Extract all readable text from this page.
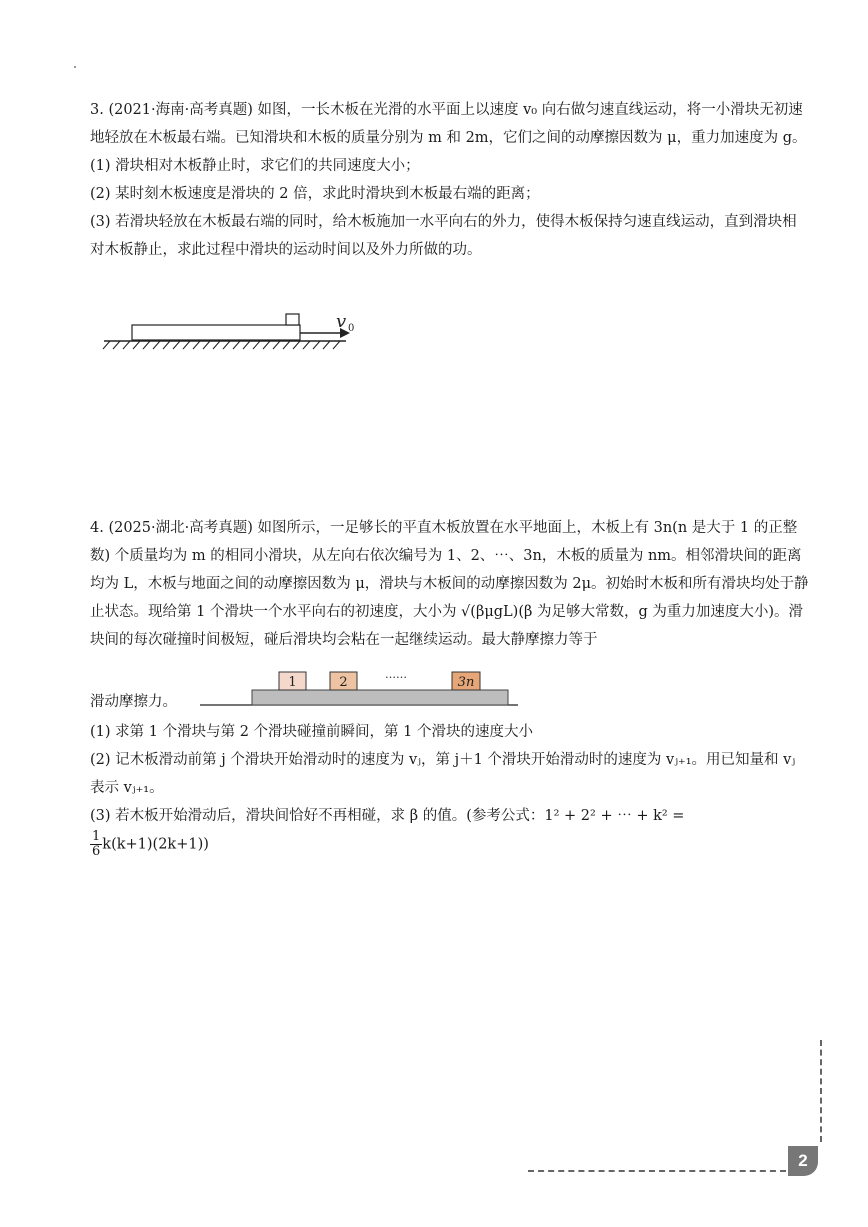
3. (2021·海南·高考真题) 如图，一长木板在光滑的水平面上以速度 v₀ 向右做匀速直线运动，将一小滑块无初速地轻放在木板最右端。已知滑块和木板的质量分别为 m 和 2m，它们之间的动摩擦因数为 μ，重力加速度为 g。

(1) 滑块相对木板静止时，求它们的共同速度大小；

(2) 某时刻木板速度是滑块的 2 倍，求此时滑块到木板最右端的距离；

(3) 若滑块轻放在木板最右端的同时，给木板施加一水平向右的外力，使得木板保持匀速直线运动，直到滑块相对木板静止，求此过程中滑块的运动时间以及外力所做的功。

v 0

4. (2025·湖北·高考真题) 如图所示，一足够长的平直木板放置在水平地面上，木板上有 3n(n 是大于 1 的正整数) 个质量均为 m 的相同小滑块，从左向右依次编号为 1、2、⋯、3n，木板的质量为 nm。相邻滑块间的距离均为 L，木板与地面之间的动摩擦因数为 μ，滑块与木板间的动摩擦因数为 2μ。初始时木板和所有滑块均处于静止状态。现给第 1 个滑块一个水平向右的初速度，大小为 √(βμgL)(β 为足够大常数，g 为重力加速度大小)。滑块间的每次碰撞时间极短，碰后滑块均会粘在一起继续运动。最大静摩擦力等于

滑动摩擦力。
1	2
……
3n

(1) 求第 1 个滑块与第 2 个滑块碰撞前瞬间，第 1 个滑块的速度大小

(2) 记木板滑动前第 j 个滑块开始滑动时的速度为 vⱼ，第 j＋1 个滑块开始滑动时的速度为 vⱼ₊₁。用已知量和 vⱼ 表示 vⱼ₊₁。

(3) 若木板开始滑动后，滑块间恰好不再相碰，求 β 的值。(参考公式：1² + 2² + ⋯ + k² =

$\frac{1}{6} k(k+1)(2k+1)$)

2
